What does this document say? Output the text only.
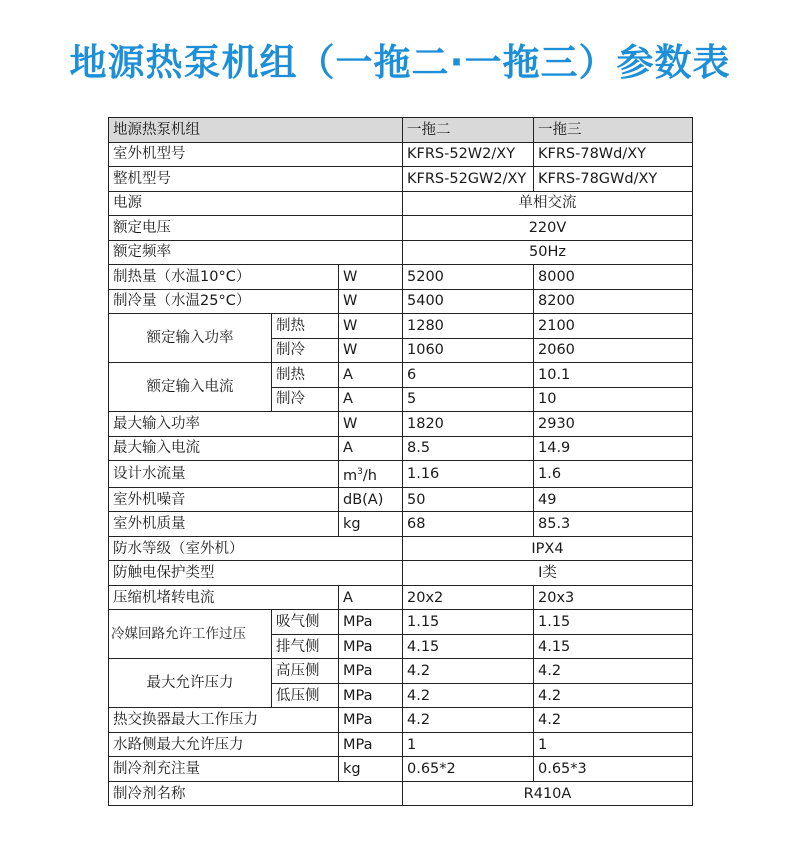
地源热泵机组（一拖二·一拖三）参数表
地源热泵机组			一拖二	一拖三
室外机型号			KFRS-52W2/XY	KFRS-78Wd/XY
整机型号			KFRS-52GW2/XY	KFRS-78GWd/XY
电源			单相交流	
额定电压			220V	
额定频率			50Hz	
制热量（水温10°C）		W	5200	8000
制冷量（水温25°C）		W	5400	8200
额定输入功率	制热	W	1280	2100
	制冷	W	1060	2060
额定输入电流	制热	A	6	10.1
	制冷	A	5	10
最大输入功率		W	1820	2930
最大输入电流		A	8.5	14.9
设计水流量		$m^3/h$	1.16	1.6
室外机噪音		dB(A)	50	49
室外机质量		kg	68	85.3
防水等级（室外机）			IPX4	
防触电保护类型			I类	
压缩机堵转电流		A	20x2	20x3
冷媒回路允许工作过压	吸气侧	MPa	1.15	1.15
	排气侧	MPa	4.15	4.15
最大允许压力	高压侧	MPa	4.2	4.2
	低压侧	MPa	4.2	4.2
热交换器最大工作压力		MPa	4.2	4.2
水路侧最大允许压力		MPa	1	1
制冷剂充注量		kg	0.65*2	0.65*3
制冷剂名称			R410A	
